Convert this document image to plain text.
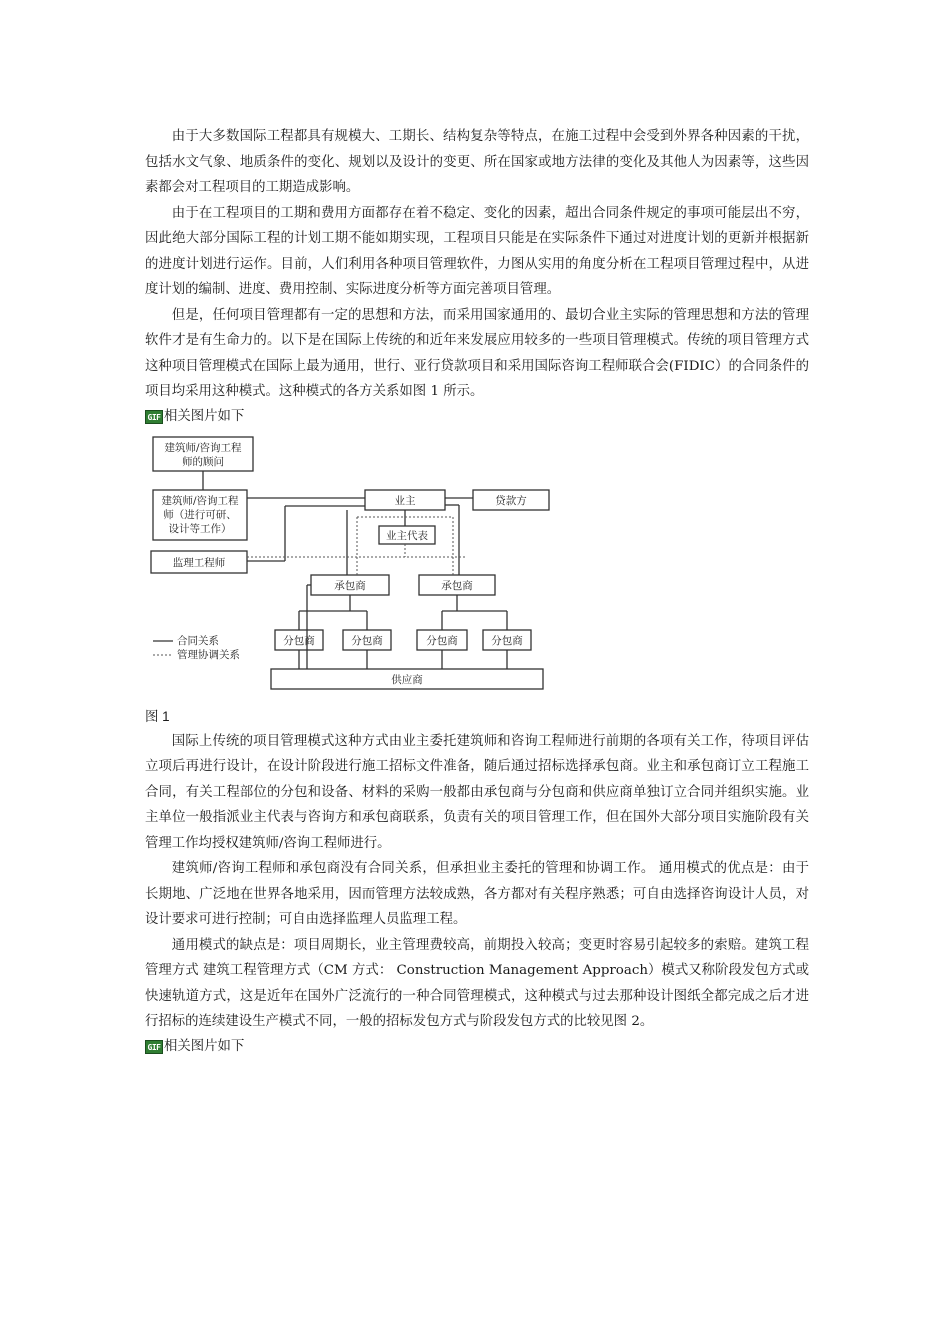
由于大多数国际工程都具有规模大、工期长、结构复杂等特点，在施工过程中会受到外界各种因素的干扰，包括水文气象、地质条件的变化、规划以及设计的变更、所在国家或地方法律的变化及其他人为因素等，这些因素都会对工程项目的工期造成影响。

由于在工程项目的工期和费用方面都存在着不稳定、变化的因素，超出合同条件规定的事项可能层出不穷，因此绝大部分国际工程的计划工期不能如期实现，工程项目只能是在实际条件下通过对进度计划的更新并根据新的进度计划进行运作。目前，人们利用各种项目管理软件，力图从实用的角度分析在工程项目管理过程中，从进度计划的编制、进度、费用控制、实际进度分析等方面完善项目管理。

但是，任何项目管理都有一定的思想和方法，而采用国家通用的、最切合业主实际的管理思想和方法的管理软件才是有生命力的。以下是在国际上传统的和近年来发展应用较多的一些项目管理模式。传统的项目管理方式 这种项目管理模式在国际上最为通用，世行、亚行贷款项目和采用国际咨询工程师联合会(FIDIC）的合同条件的项目均采用这种模式。这种模式的各方关系如图 1 所示。

GIF 相关图片如下
建筑师/咨询工程
师的顾问
建筑师/咨询工程
师（进行可研、
设计等工作）
监理工程师
业主	贷款方
业主代表
承包商	承包商
分包商	分包商	分包商	分包商
供应商
合同关系
管理协调关系
图 1

国际上传统的项目管理模式这种方式由业主委托建筑师和咨询工程师进行前期的各项有关工作，待项目评估立项后再进行设计，在设计阶段进行施工招标文件准备，随后通过招标选择承包商。业主和承包商订立工程施工合同，有关工程部位的分包和设备、材料的采购一般都由承包商与分包商和供应商单独订立合同并组织实施。业主单位一般指派业主代表与咨询方和承包商联系，负责有关的项目管理工作，但在国外大部分项目实施阶段有关管理工作均授权建筑师/咨询工程师进行。

建筑师/咨询工程师和承包商没有合同关系，但承担业主委托的管理和协调工作。 通用模式的优点是：由于长期地、广泛地在世界各地采用，因而管理方法较成熟，各方都对有关程序熟悉；可自由选择咨询设计人员，对设计要求可进行控制；可自由选择监理人员监理工程。

通用模式的缺点是：项目周期长，业主管理费较高，前期投入较高；变更时容易引起较多的索赔。建筑工程管理方式 建筑工程管理方式（CM 方式： Construction Management Approach）模式又称阶段发包方式或快速轨道方式，这是近年在国外广泛流行的一种合同管理模式，这种模式与过去那种设计图纸全都完成之后才进行招标的连续建设生产模式不同，一般的招标发包方式与阶段发包方式的比较见图 2。

GIF 相关图片如下
